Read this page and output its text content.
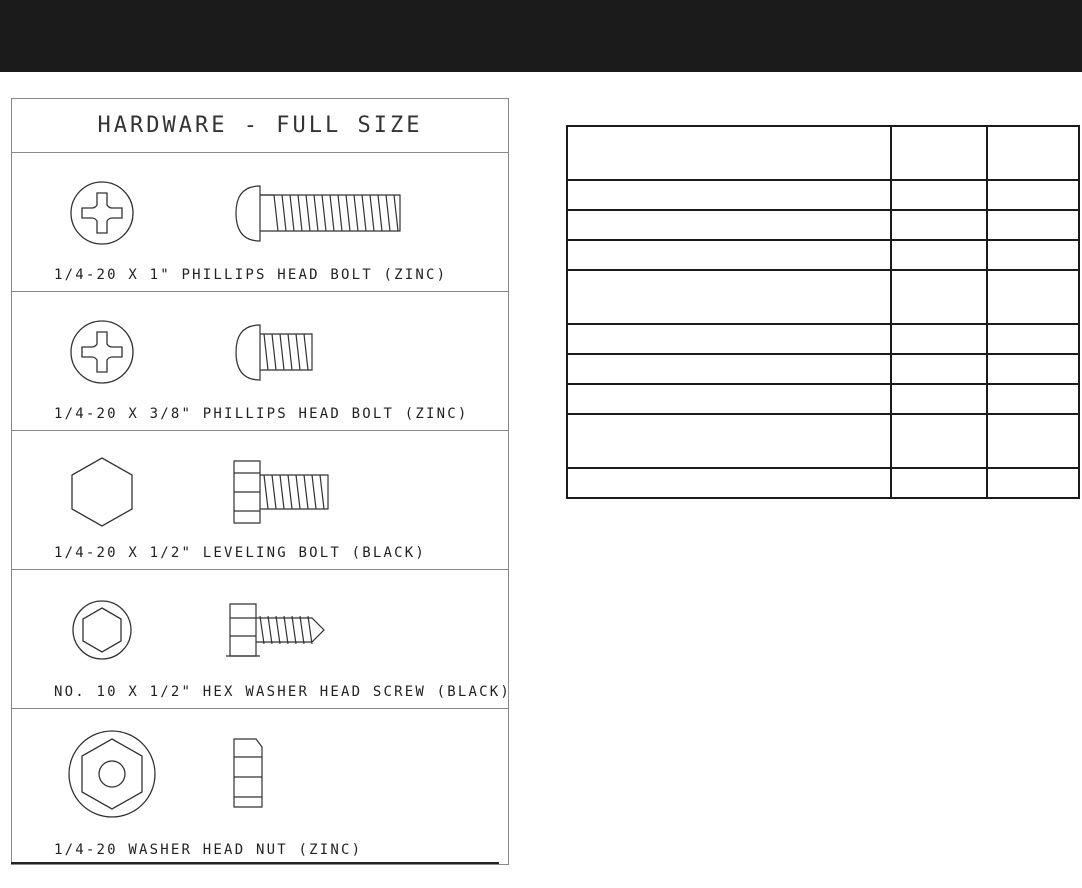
HARDWARE - FULL SIZE
1/4-20 X 1" PHILLIPS HEAD BOLT (ZINC)
1/4-20 X 3/8" PHILLIPS HEAD BOLT (ZINC)
1/4-20 X 1/2" LEVELING BOLT (BLACK)
NO. 10 X 1/2" HEX WASHER HEAD SCREW (BLACK)
1/4-20 WASHER HEAD NUT (ZINC)
